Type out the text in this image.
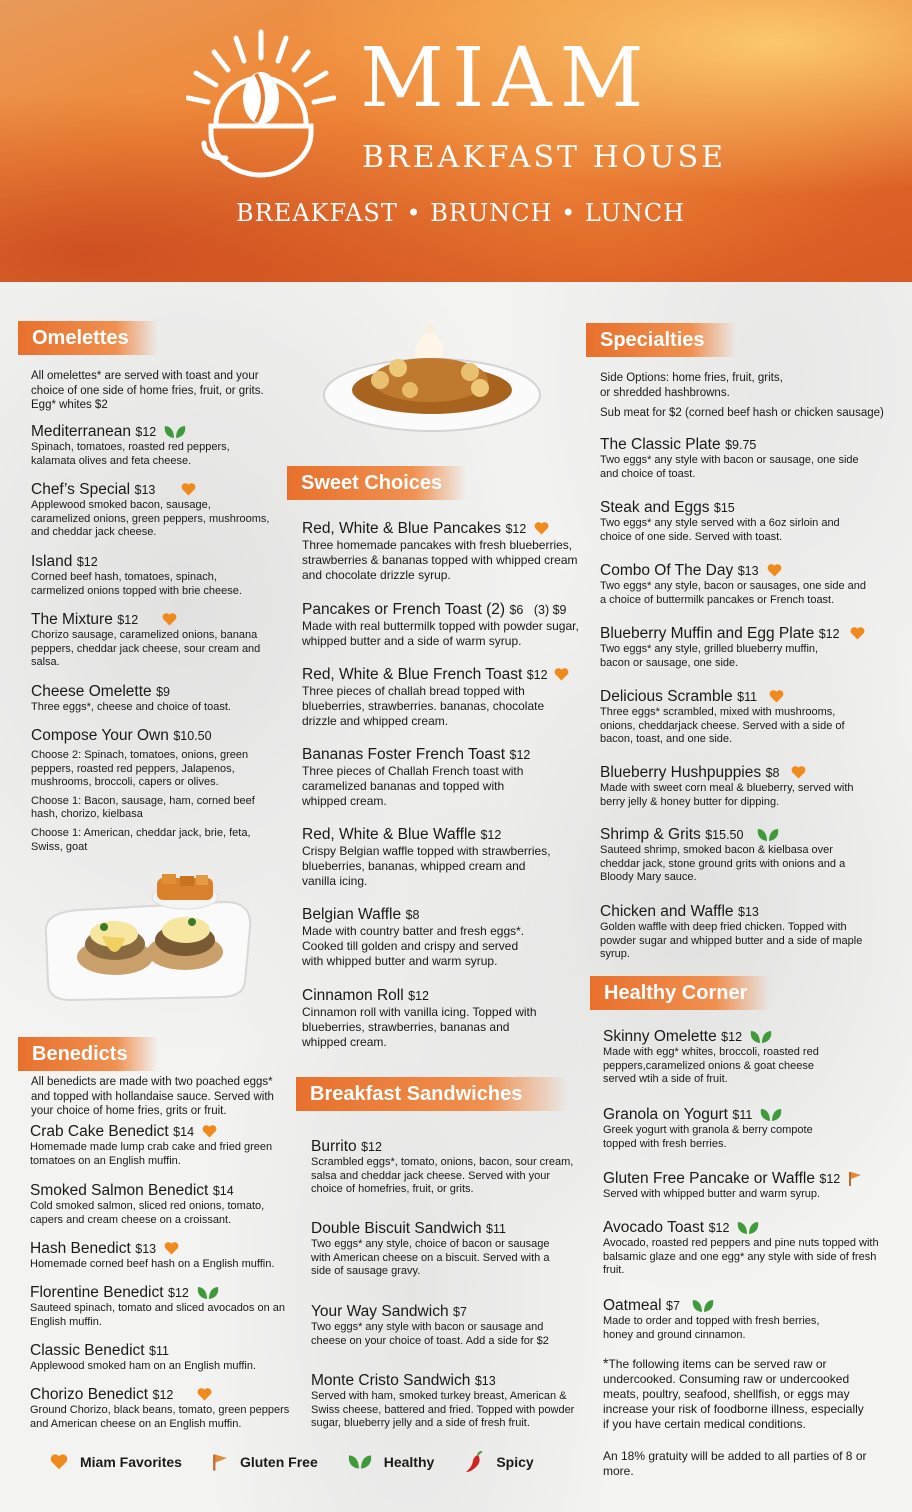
MIAM
BREAKFAST HOUSE
BREAKFAST • BRUNCH • LUNCH
Omelettes
All omelettes* are served with toast and your choice of one side of home fries, fruit, or grits. Egg* whites $2
Mediterranean $12
Spinach, tomatoes, roasted red peppers, kalamata olives and feta cheese.
Chef’s Special $13
Applewood smoked bacon, sausage, caramelized onions, green peppers, mushrooms, and cheddar jack cheese.
Island $12
Corned beef hash, tomatoes, spinach, carmelized onions topped with brie cheese.
The Mixture $12
Chorizo sausage, caramelized onions, banana peppers, cheddar jack cheese, sour cream and salsa.
Cheese Omelette $9
Three eggs*, cheese and choice of toast.
Compose Your Own $10.50
Choose 2: Spinach, tomatoes, onions, green peppers, roasted red peppers, Jalapenos, mushrooms, broccoli, capers or olives.
Choose 1: Bacon, sausage, ham, corned beef hash, chorizo, kielbasa
Choose 1: American, cheddar jack, brie, feta, Swiss, goat
Benedicts
All benedicts are made with two poached eggs* and topped with hollandaise sauce. Served with your choice of home fries, grits or fruit.
Crab Cake Benedict $14
Homemade made lump crab cake and fried green tomatoes on an English muffin.
Smoked Salmon Benedict $14
Cold smoked salmon, sliced red onions, tomato, capers and cream cheese on a croissant.
Hash Benedict $13
Homemade corned beef hash on a English muffin.
Florentine Benedict $12
Sauteed spinach, tomato and sliced avocados on an English muffin.
Classic Benedict $11
Applewood smoked ham on an English muffin.
Chorizo Benedict $12
Ground Chorizo, black beans, tomato, green peppers and American cheese on an English muffin.
Sweet Choices
Red, White & Blue Pancakes $12
Three homemade pancakes with fresh blueberries, strawberries & bananas topped with whipped cream and chocolate drizzle syrup.
Pancakes or French Toast (2) $6 (3) $9
Made with real buttermilk topped with powder sugar, whipped butter and a side of warm syrup.
Red, White & Blue French Toast $12
Three pieces of challah bread topped with blueberries, strawberries. bananas, chocolate drizzle and whipped cream.
Bananas Foster French Toast $12
Three pieces of Challah French toast with caramelized bananas and topped with whipped cream.
Red, White & Blue Waffle $12
Crispy Belgian waffle topped with strawberries, blueberries, bananas, whipped cream and vanilla icing.
Belgian Waffle $8
Made with country batter and fresh eggs*. Cooked till golden and crispy and served with whipped butter and warm syrup.
Cinnamon Roll $12
Cinnamon roll with vanilla icing. Topped with blueberries, strawberries, bananas and whipped cream.
Breakfast Sandwiches
Burrito $12
Scrambled eggs*, tomato, onions, bacon, sour cream, salsa and cheddar jack cheese. Served with your choice of homefries, fruit, or grits.
Double Biscuit Sandwich $11
Two eggs* any style, choice of bacon or sausage with American cheese on a biscuit. Served with a side of sausage gravy.
Your Way Sandwich $7
Two eggs* any style with bacon or sausage and cheese on your choice of toast. Add a side for $2
Monte Cristo Sandwich $13
Served with ham, smoked turkey breast, American & Swiss cheese, battered and fried. Topped with powder sugar, blueberry jelly and a side of fresh fruit.
Specialties
Side Options: home fries, fruit, grits, or shredded hashbrowns.
Sub meat for $2 (corned beef hash or chicken sausage)
The Classic Plate $9.75
Two eggs* any style with bacon or sausage, one side and choice of toast.
Steak and Eggs $15
Two eggs* any style served with a 6oz sirloin and choice of one side. Served with toast.
Combo Of The Day $13
Two eggs* any style, bacon or sausages, one side and a choice of buttermilk pancakes or French toast.
Blueberry Muffin and Egg Plate $12
Two eggs* any style, grilled blueberry muffin, bacon or sausage, one side.
Delicious Scramble $11
Three eggs* scrambled, mixed with mushrooms, onions, cheddarjack cheese. Served with a side of bacon, toast, and one side.
Blueberry Hushpuppies $8
Made with sweet corn meal & blueberry, served with berry jelly & honey butter for dipping.
Shrimp & Grits $15.50
Sauteed shrimp, smoked bacon & kielbasa over cheddar jack, stone ground grits with onions and a Bloody Mary sauce.
Chicken and Waffle $13
Golden waffle with deep fried chicken. Topped with powder sugar and whipped butter and a side of maple syrup.
Healthy Corner
Skinny Omelette $12
Made with egg* whites, broccoli, roasted red peppers,caramelized onions & goat cheese served wtih a side of fruit.
Granola on Yogurt $11
Greek yogurt with granola & berry compote topped with fresh berries.
Gluten Free Pancake or Waffle $12
Served with whipped butter and warm syrup.
Avocado Toast $12
Avocado, roasted red peppers and pine nuts topped with balsamic glaze and one egg* any style with side of fresh fruit.
Oatmeal $7
Made to order and topped with fresh berries, honey and ground cinnamon.
*The following items can be served raw or undercooked. Consuming raw or undercooked meats, poultry, seafood, shellfish, or eggs may increase your risk of foodborne illness, especially if you have certain medical conditions.
An 18% gratuity will be added to all parties of 8 or more.
Miam Favorites	Gluten Free	Healthy	Spicy
